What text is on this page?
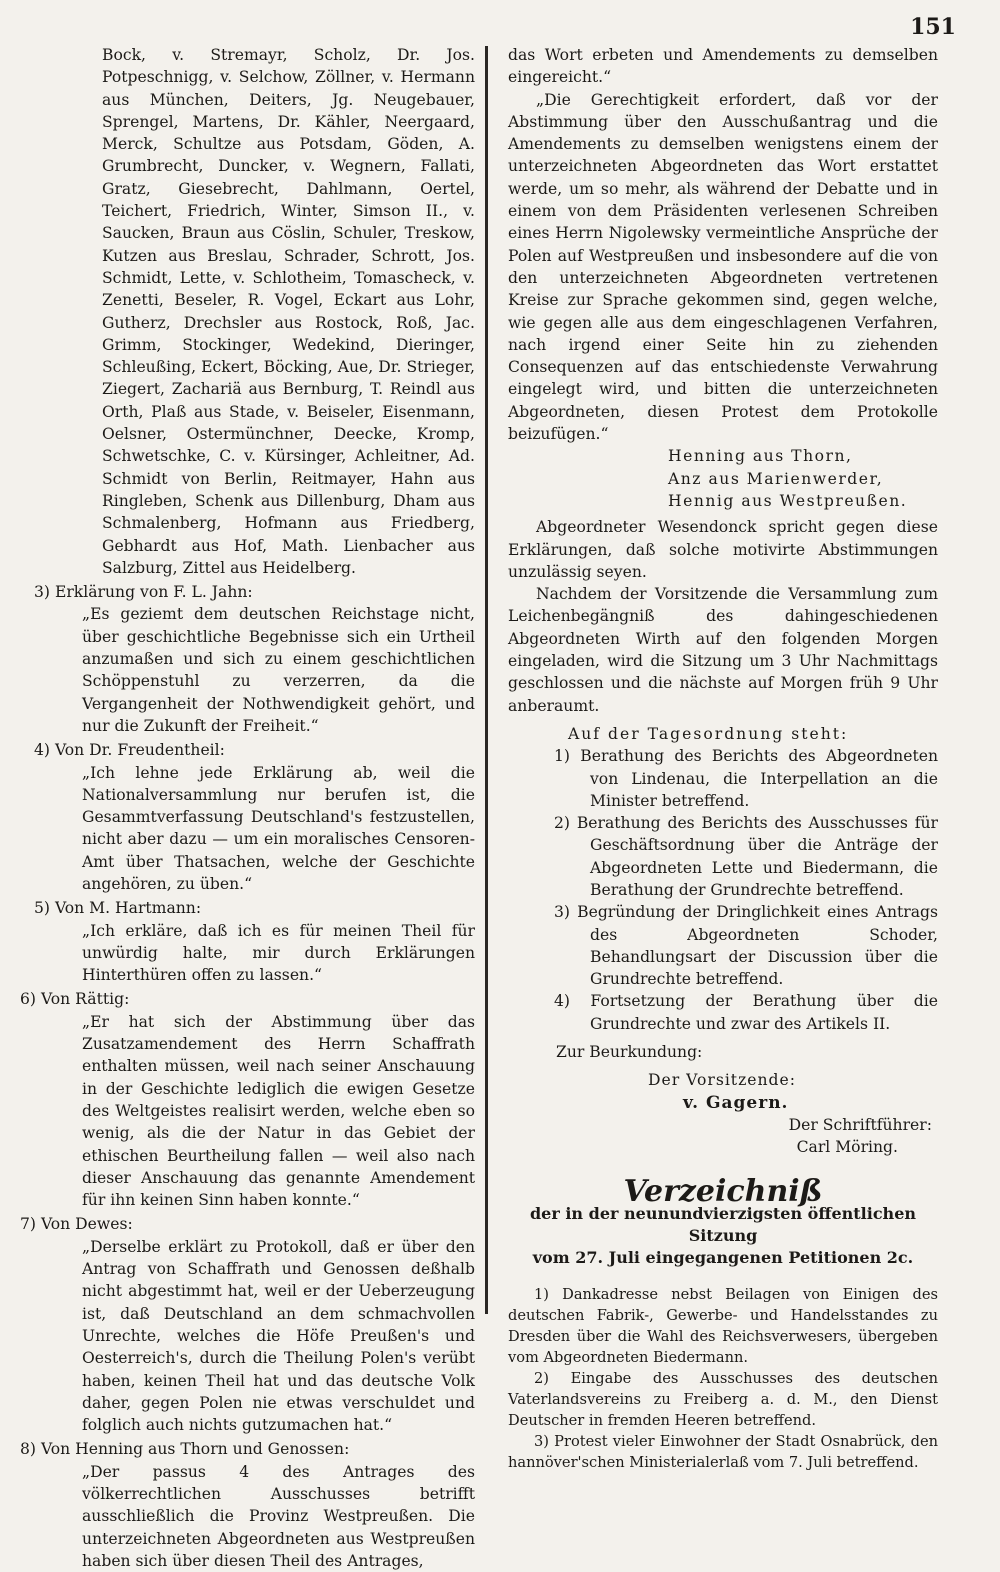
151

Bock, v. Stremayr, Scholz, Dr. Jos. Potpeschnigg, v. Selchow, Zöllner, v. Hermann aus München, Deiters, Jg. Neugebauer, Sprengel, Martens, Dr. Kähler, Neergaard, Merck, Schultze aus Potsdam, Göden, A. Grumbrecht, Duncker, v. Wegnern, Fallati, Gratz, Giesebrecht, Dahlmann, Oertel, Teichert, Friedrich, Winter, Simson II., v. Saucken, Braun aus Cöslin, Schuler, Treskow, Kutzen aus Breslau, Schrader, Schrott, Jos. Schmidt, Lette, v. Schlotheim, Tomascheck, v. Zenetti, Beseler, R. Vogel, Eckart aus Lohr, Gutherz, Drechsler aus Rostock, Roß, Jac. Grimm, Stockinger, Wedekind, Dieringer, Schleußing, Eckert, Böcking, Aue, Dr. Strieger, Ziegert, Zachariä aus Bernburg, T. Reindl aus Orth, Plaß aus Stade, v. Beiseler, Eisenmann, Oelsner, Ostermünchner, Deecke, Kromp, Schwetschke, C. v. Kürsinger, Achleitner, Ad. Schmidt von Berlin, Reitmayer, Hahn aus Ringleben, Schenk aus Dillenburg, Dham aus Schmalenberg, Hofmann aus Friedberg, Gebhardt aus Hof, Math. Lienbacher aus Salzburg, Zittel aus Heidelberg.

3) Erklärung von F. L. Jahn:

„Es geziemt dem deutschen Reichstage nicht, über geschichtliche Begebnisse sich ein Urtheil anzumaßen und sich zu einem geschichtlichen Schöppenstuhl zu verzerren, da die Vergangenheit der Nothwendigkeit gehört, und nur die Zukunft der Freiheit.“

4) Von Dr. Freudentheil:

„Ich lehne jede Erklärung ab, weil die Nationalversammlung nur berufen ist, die Gesammtverfassung Deutschland's festzustellen, nicht aber dazu — um ein moralisches Censoren-Amt über Thatsachen, welche der Geschichte angehören, zu üben.“

5) Von M. Hartmann:

„Ich erkläre, daß ich es für meinen Theil für unwürdig halte, mir durch Erklärungen Hinterthüren offen zu lassen.“

6) Von Rättig:

„Er hat sich der Abstimmung über das Zusatzamendement des Herrn Schaffrath enthalten müssen, weil nach seiner Anschauung in der Geschichte lediglich die ewigen Gesetze des Weltgeistes realisirt werden, welche eben so wenig, als die der Natur in das Gebiet der ethischen Beurtheilung fallen — weil also nach dieser Anschauung das genannte Amendement für ihn keinen Sinn haben konnte.“

7) Von Dewes:

„Derselbe erklärt zu Protokoll, daß er über den Antrag von Schaffrath und Genossen deßhalb nicht abgestimmt hat, weil er der Ueberzeugung ist, daß Deutschland an dem schmachvollen Unrechte, welches die Höfe Preußen's und Oesterreich's, durch die Theilung Polen's verübt haben, keinen Theil hat und das deutsche Volk daher, gegen Polen nie etwas verschuldet und folglich auch nichts gutzumachen hat.“

8) Von Henning aus Thorn und Genossen:

„Der passus 4 des Antrages des völkerrechtlichen Ausschusses betrifft ausschließlich die Provinz Westpreußen. Die unterzeichneten Abgeordneten aus Westpreußen haben sich über diesen Theil des Antrages,

das Wort erbeten und Amendements zu demselben eingereicht.“

„Die Gerechtigkeit erfordert, daß vor der Abstimmung über den Ausschußantrag und die Amendements zu demselben wenigstens einem der unterzeichneten Abgeordneten das Wort erstattet werde, um so mehr, als während der Debatte und in einem von dem Präsidenten verlesenen Schreiben eines Herrn Nigolewsky vermeintliche Ansprüche der Polen auf Westpreußen und insbesondere auf die von den unterzeichneten Abgeordneten vertretenen Kreise zur Sprache gekommen sind, gegen welche, wie gegen alle aus dem eingeschlagenen Verfahren, nach irgend einer Seite hin zu ziehenden Consequenzen auf das entschiedenste Verwahrung eingelegt wird, und bitten die unterzeichneten Abgeordneten, diesen Protest dem Protokolle beizufügen.“

Henning aus Thorn,

Anz aus Marienwerder,

Hennig aus Westpreußen.

Abgeordneter Wesendonck spricht gegen diese Erklärungen, daß solche motivirte Abstimmungen unzulässig seyen.

Nachdem der Vorsitzende die Versammlung zum Leichenbegängniß des dahingeschiedenen Abgeordneten Wirth auf den folgenden Morgen eingeladen, wird die Sitzung um 3 Uhr Nachmittags geschlossen und die nächste auf Morgen früh 9 Uhr anberaumt.

Auf der Tagesordnung steht:

1) Berathung des Berichts des Abgeordneten von Lindenau, die Interpellation an die Minister betreffend.

2) Berathung des Berichts des Ausschusses für Geschäftsordnung über die Anträge der Abgeordneten Lette und Biedermann, die Berathung der Grundrechte betreffend.

3) Begründung der Dringlichkeit eines Antrags des Abgeordneten Schoder, Behandlungsart der Discussion über die Grundrechte betreffend.

4) Fortsetzung der Berathung über die Grundrechte und zwar des Artikels II.

Zur Beurkundung:

Der Vorsitzende:

v. Gagern.

Der Schriftführer:

Carl Möring.

Verzeichniß
der in der neunundvierzigsten öffentlichen Sitzung
vom 27. Juli eingegangenen Petitionen 2c.

1) Dankadresse nebst Beilagen von Einigen des deutschen Fabrik-, Gewerbe- und Handelsstandes zu Dresden über die Wahl des Reichsverwesers, übergeben vom Abgeordneten Biedermann.

2) Eingabe des Ausschusses des deutschen Vaterlandsvereins zu Freiberg a. d. M., den Dienst Deutscher in fremden Heeren betreffend.

3) Protest vieler Einwohner der Stadt Osnabrück, den hannöver'schen Ministerialerlaß vom 7. Juli betreffend.
